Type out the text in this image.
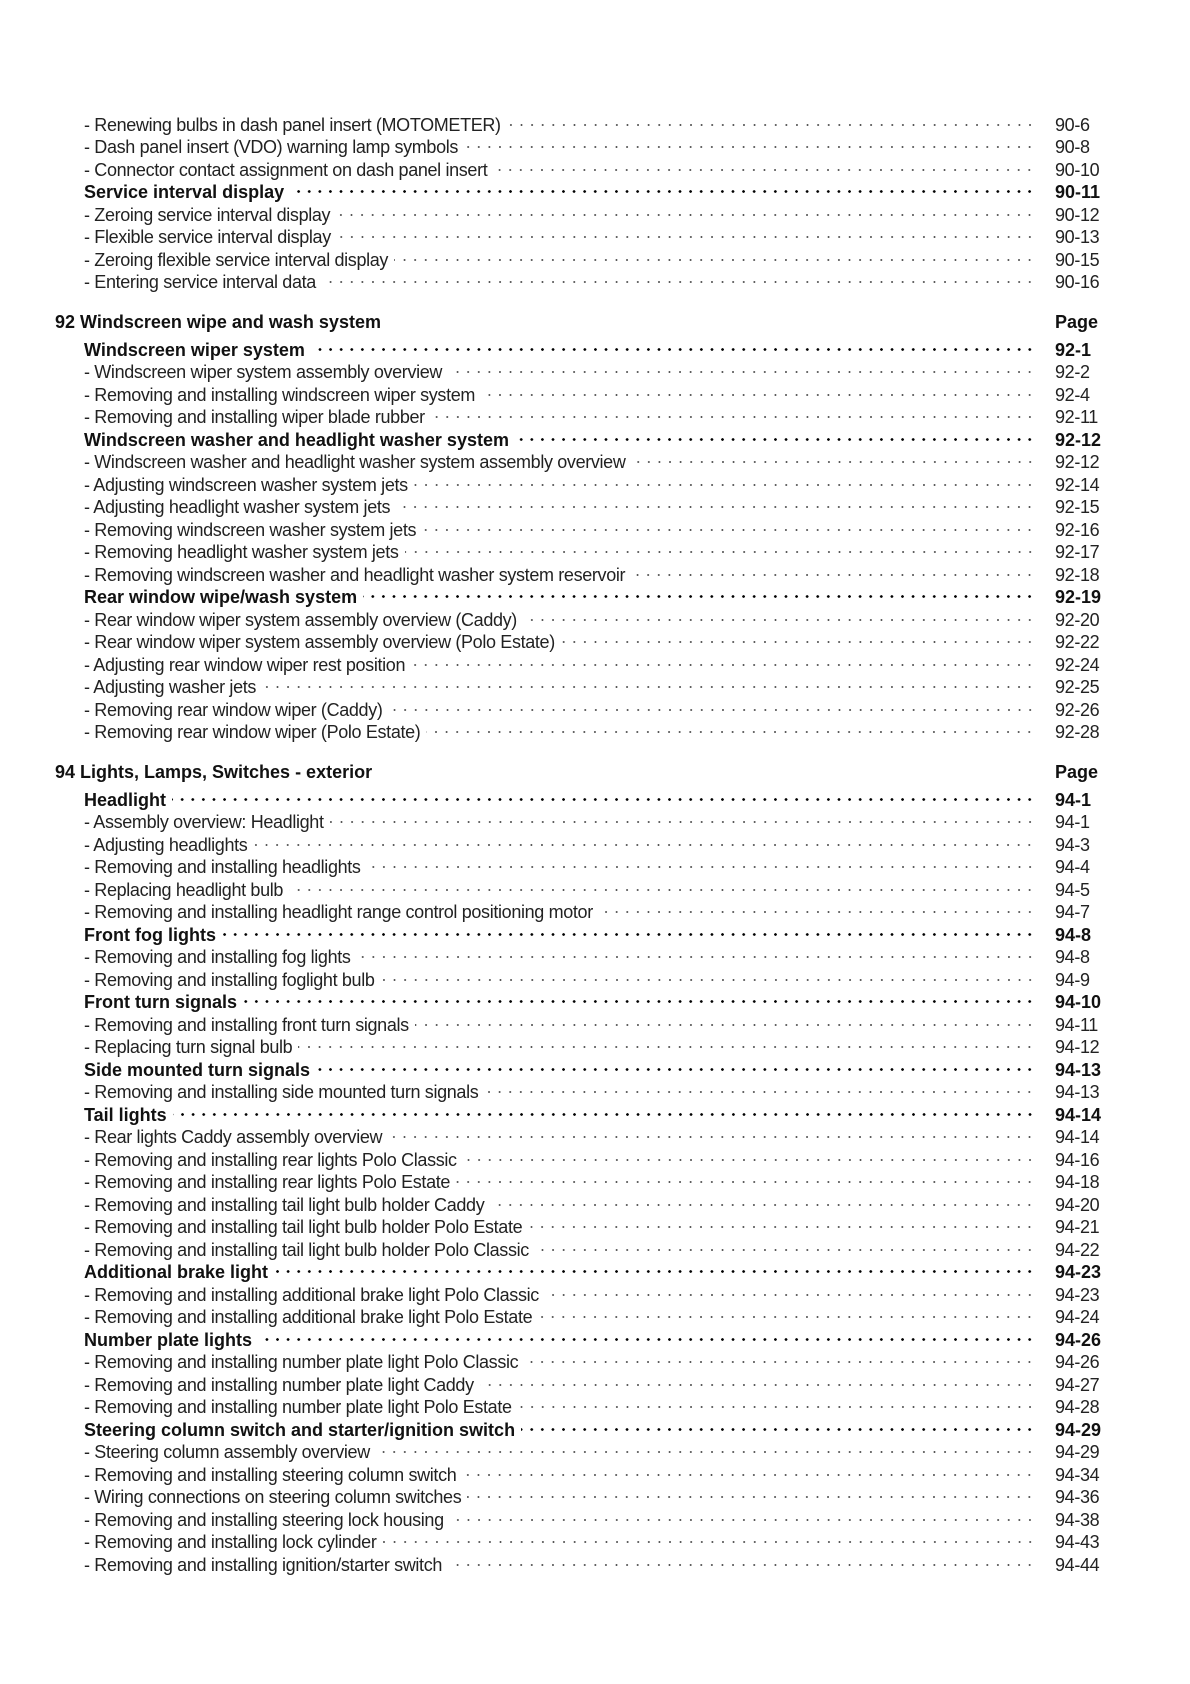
- Renewing bulbs in dash panel insert (MOTOMETER)	90-6
- Dash panel insert (VDO) warning lamp symbols	90-8
- Connector contact assignment on dash panel insert	90-10
Service interval display	90-11
- Zeroing service interval display	90-12
- Flexible service interval display	90-13
- Zeroing flexible service interval display	90-15
- Entering service interval data	90-16
92 Windscreen wipe and wash system	Page
Windscreen wiper system	92-1
- Windscreen wiper system assembly overview	92-2
- Removing and installing windscreen wiper system	92-4
- Removing and installing wiper blade rubber	92-11
Windscreen washer and headlight washer system	92-12
- Windscreen washer and headlight washer system assembly overview	92-12
- Adjusting windscreen washer system jets	92-14
- Adjusting headlight washer system jets	92-15
- Removing windscreen washer system jets	92-16
- Removing headlight washer system jets	92-17
- Removing windscreen washer and headlight washer system reservoir	92-18
Rear window wipe/wash system	92-19
- Rear window wiper system assembly overview (Caddy)	92-20
- Rear window wiper system assembly overview (Polo Estate)	92-22
- Adjusting rear window wiper rest position	92-24
- Adjusting washer jets	92-25
- Removing rear window wiper (Caddy)	92-26
- Removing rear window wiper (Polo Estate)	92-28
94 Lights, Lamps, Switches - exterior	Page
Headlight	94-1
- Assembly overview: Headlight	94-1
- Adjusting headlights	94-3
- Removing and installing headlights	94-4
- Replacing headlight bulb	94-5
- Removing and installing headlight range control positioning motor	94-7
Front fog lights	94-8
- Removing and installing fog lights	94-8
- Removing and installing foglight bulb	94-9
Front turn signals	94-10
- Removing and installing front turn signals	94-11
- Replacing turn signal bulb	94-12
Side mounted turn signals	94-13
- Removing and installing side mounted turn signals	94-13
Tail lights	94-14
- Rear lights Caddy assembly overview	94-14
- Removing and installing rear lights Polo Classic	94-16
- Removing and installing rear lights Polo Estate	94-18
- Removing and installing tail light bulb holder Caddy	94-20
- Removing and installing tail light bulb holder Polo Estate	94-21
- Removing and installing tail light bulb holder Polo Classic	94-22
Additional brake light	94-23
- Removing and installing additional brake light Polo Classic	94-23
- Removing and installing additional brake light Polo Estate	94-24
Number plate lights	94-26
- Removing and installing number plate light Polo Classic	94-26
- Removing and installing number plate light Caddy	94-27
- Removing and installing number plate light Polo Estate	94-28
Steering column switch and starter/ignition switch	94-29
- Steering column assembly overview	94-29
- Removing and installing steering column switch	94-34
- Wiring connections on steering column switches	94-36
- Removing and installing steering lock housing	94-38
- Removing and installing lock cylinder	94-43
- Removing and installing ignition/starter switch	94-44
